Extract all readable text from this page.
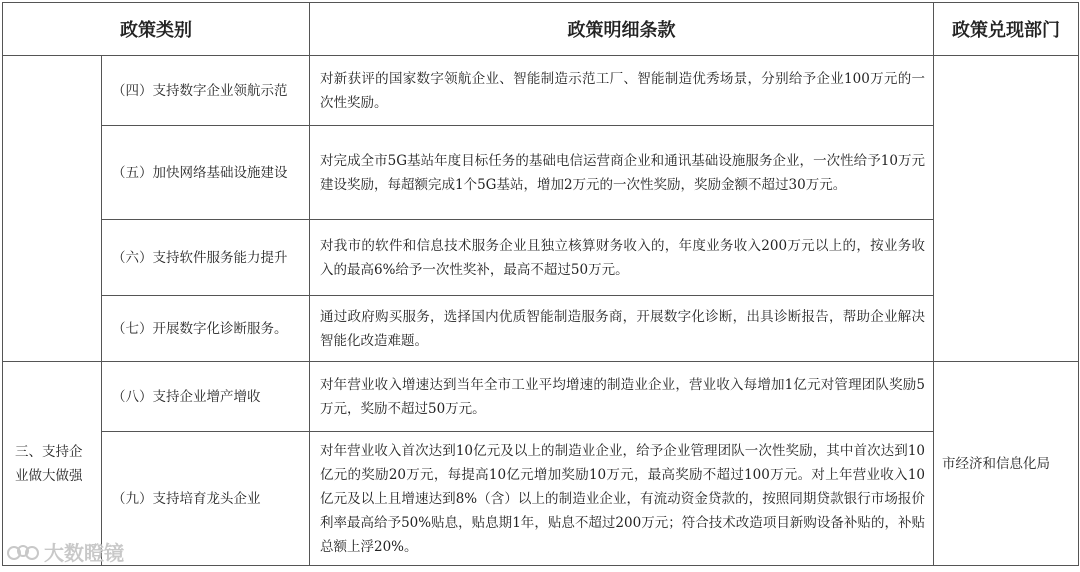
政策类别		政策明细条款	政策兑现部门
	（四）支持数字企业领航示范	对新获评的国家数字领航企业、智能制造示范工厂、智能制造优秀场景，分别给予企业100万元的一次性奖励。	
	（五）加快网络基础设施建设	对完成全市5G基站年度目标任务的基础电信运营商企业和通讯基础设施服务企业，一次性给予10万元建设奖励，每超额完成1个5G基站，增加2万元的一次性奖励，奖励金额不超过30万元。	
	（六）支持软件服务能力提升	对我市的软件和信息技术服务企业且独立核算财务收入的，年度业务收入200万元以上的，按业务收入的最高6%给予一次性奖补，最高不超过50万元。	
	（七）开展数字化诊断服务。	通过政府购买服务，选择国内优质智能制造服务商，开展数字化诊断，出具诊断报告，帮助企业解决智能化改造难题。	
三、支持企业做大做强	（八）支持企业增产增收	对年营业收入增速达到当年全市工业平均增速的制造业企业，营业收入每增加1亿元对管理团队奖励5万元，奖励不超过50万元。	市经济和信息化局
	（九）支持培育龙头企业	对年营业收入首次达到10亿元及以上的制造业企业，给予企业管理团队一次性奖励，其中首次达到10亿元的奖励20万元，每提高10亿元增加奖励10万元，最高奖励不超过100万元。对上年营业收入10亿元及以上且增速达到8%（含）以上的制造业企业，有流动资金贷款的，按照同期贷款银行市场报价利率最高给予50%贴息，贴息期1年，贴息不超过200万元；符合技术改造项目新购设备补贴的，补贴总额上浮20%。	
大数瞪镜
